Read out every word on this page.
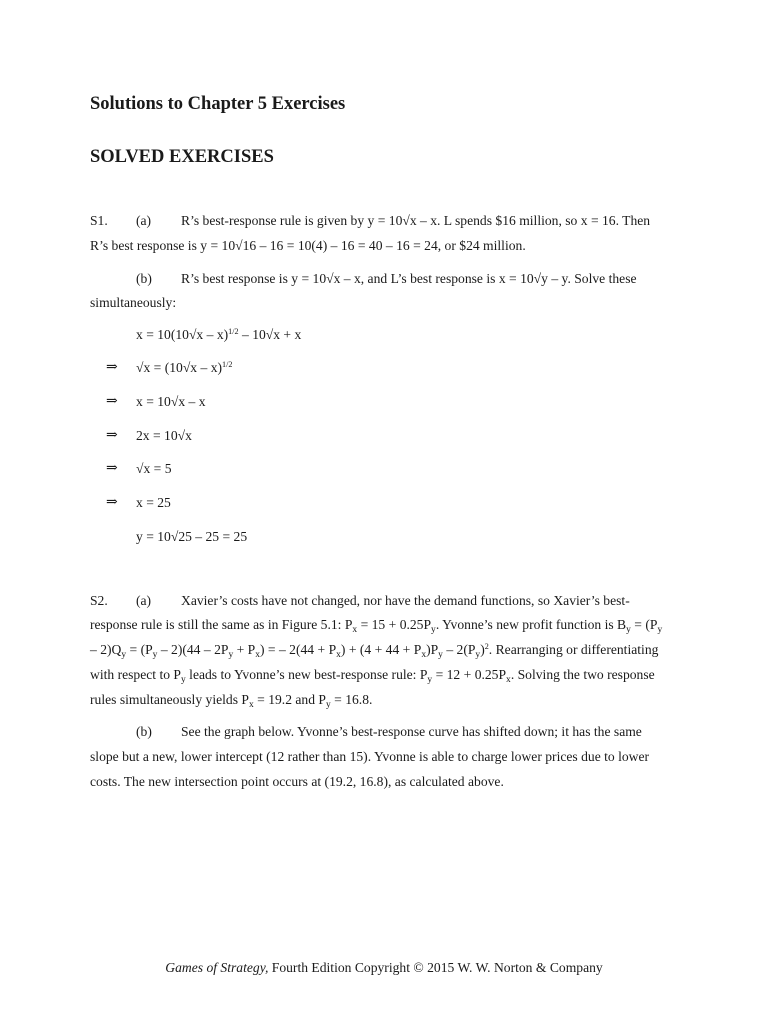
Solutions to Chapter 5 Exercises
SOLVED EXERCISES
S1. (a) R’s best-response rule is given by y = 10√x – x. L spends $16 million, so x = 16. Then
R’s best response is y = 10√16 – 16 = 10(4) – 16 = 40 – 16 = 24, or $24 million.
(b) R’s best response is y = 10√x – x, and L’s best response is x = 10√y – y. Solve these
simultaneously:
x = 10(10√x – x)$^{1/2}$ – 10√x + x
⇒ √x = (10√x – x)$^{1/2}$
⇒ x = 10√x – x
⇒ 2x = 10√x
⇒ √x = 5
⇒ x = 25
y = 10√25 – 25 = 25
S2. (a) Xavier’s costs have not changed, nor have the demand functions, so Xavier’s best-
response rule is still the same as in Figure 5.1: $P_x = 15 + 0.25P_y$. Yvonne’s new profit function is $B_y = (P_y$
– $2)Q_y = (P_y - 2)(44 - 2P_y + P_x)$ = – $2(44 + P_x) + (4 + 44 + P_x)P_y - 2(P_y)^2$. Rearranging or differentiating
with respect to $P_y$ leads to Yvonne’s new best-response rule: $P_y = 12 + 0.25P_x$. Solving the two response
rules simultaneously yields $P_x = 19.2$ and $P_y = 16.8$.
(b) See the graph below. Yvonne’s best-response curve has shifted down; it has the same
slope but a new, lower intercept (12 rather than 15). Yvonne is able to charge lower prices due to lower
costs. The new intersection point occurs at (19.2, 16.8), as calculated above.
Games of Strategy, Fourth Edition Copyright © 2015 W. W. Norton & Company
